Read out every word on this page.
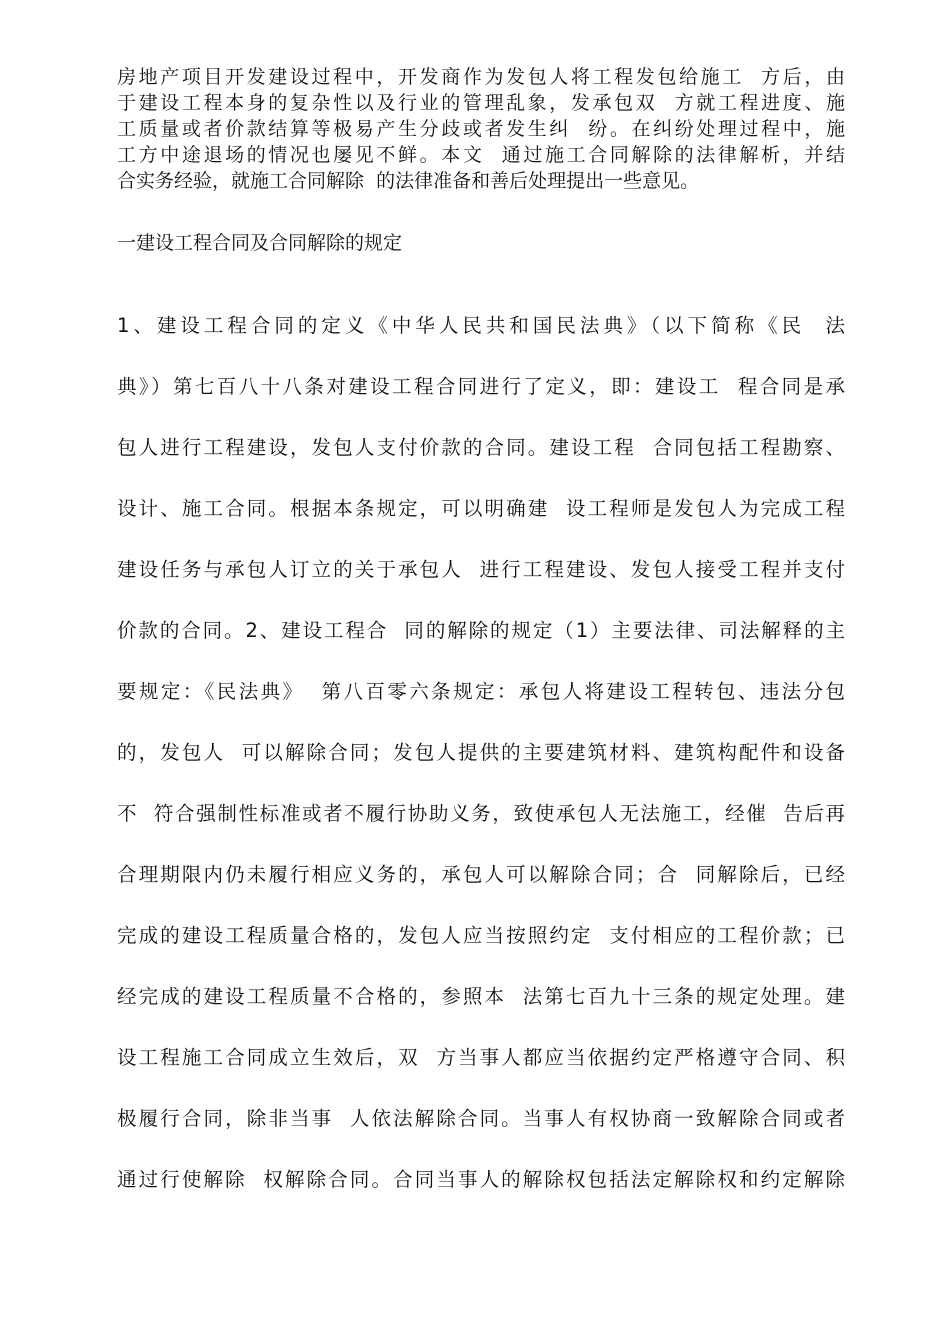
房地产项目开发建设过程中，开发商作为发包人将工程发包给施工  方后，由
于建设工程本身的复杂性以及行业的管理乱象，发承包双  方就工程进度、施
工质量或者价款结算等极易产生分歧或者发生纠  纷。在纠纷处理过程中，施
工方中途退场的情况也屡见不鲜。本文  通过施工合同解除的法律解析，并结
合实务经验，就施工合同解除  的法律准备和善后处理提出一些意见。
一建设工程合同及合同解除的规定
1、建设工程合同的定义《中华人民共和国民法典》（以下简称《民  法
典》）第七百八十八条对建设工程合同进行了定义，即：建设工  程合同是承
包人进行工程建设，发包人支付价款的合同。建设工程  合同包括工程勘察、
设计、施工合同。根据本条规定，可以明确建  设工程师是发包人为完成工程
建设任务与承包人订立的关于承包人  进行工程建设、发包人接受工程并支付
价款的合同。2、建设工程合  同的解除的规定（1）主要法律、司法解释的主
要规定：《民法典》  第八百零六条规定：承包人将建设工程转包、违法分包
的，发包人  可以解除合同；发包人提供的主要建筑材料、建筑构配件和设备
不  符合强制性标准或者不履行协助义务，致使承包人无法施工，经催  告后再
合理期限内仍未履行相应义务的，承包人可以解除合同；合  同解除后，已经
完成的建设工程质量合格的，发包人应当按照约定  支付相应的工程价款；已
经完成的建设工程质量不合格的，参照本  法第七百九十三条的规定处理。建
设工程施工合同成立生效后，双  方当事人都应当依据约定严格遵守合同、积
极履行合同，除非当事  人依法解除合同。当事人有权协商一致解除合同或者
通过行使解除  权解除合同。合同当事人的解除权包括法定解除权和约定解除
